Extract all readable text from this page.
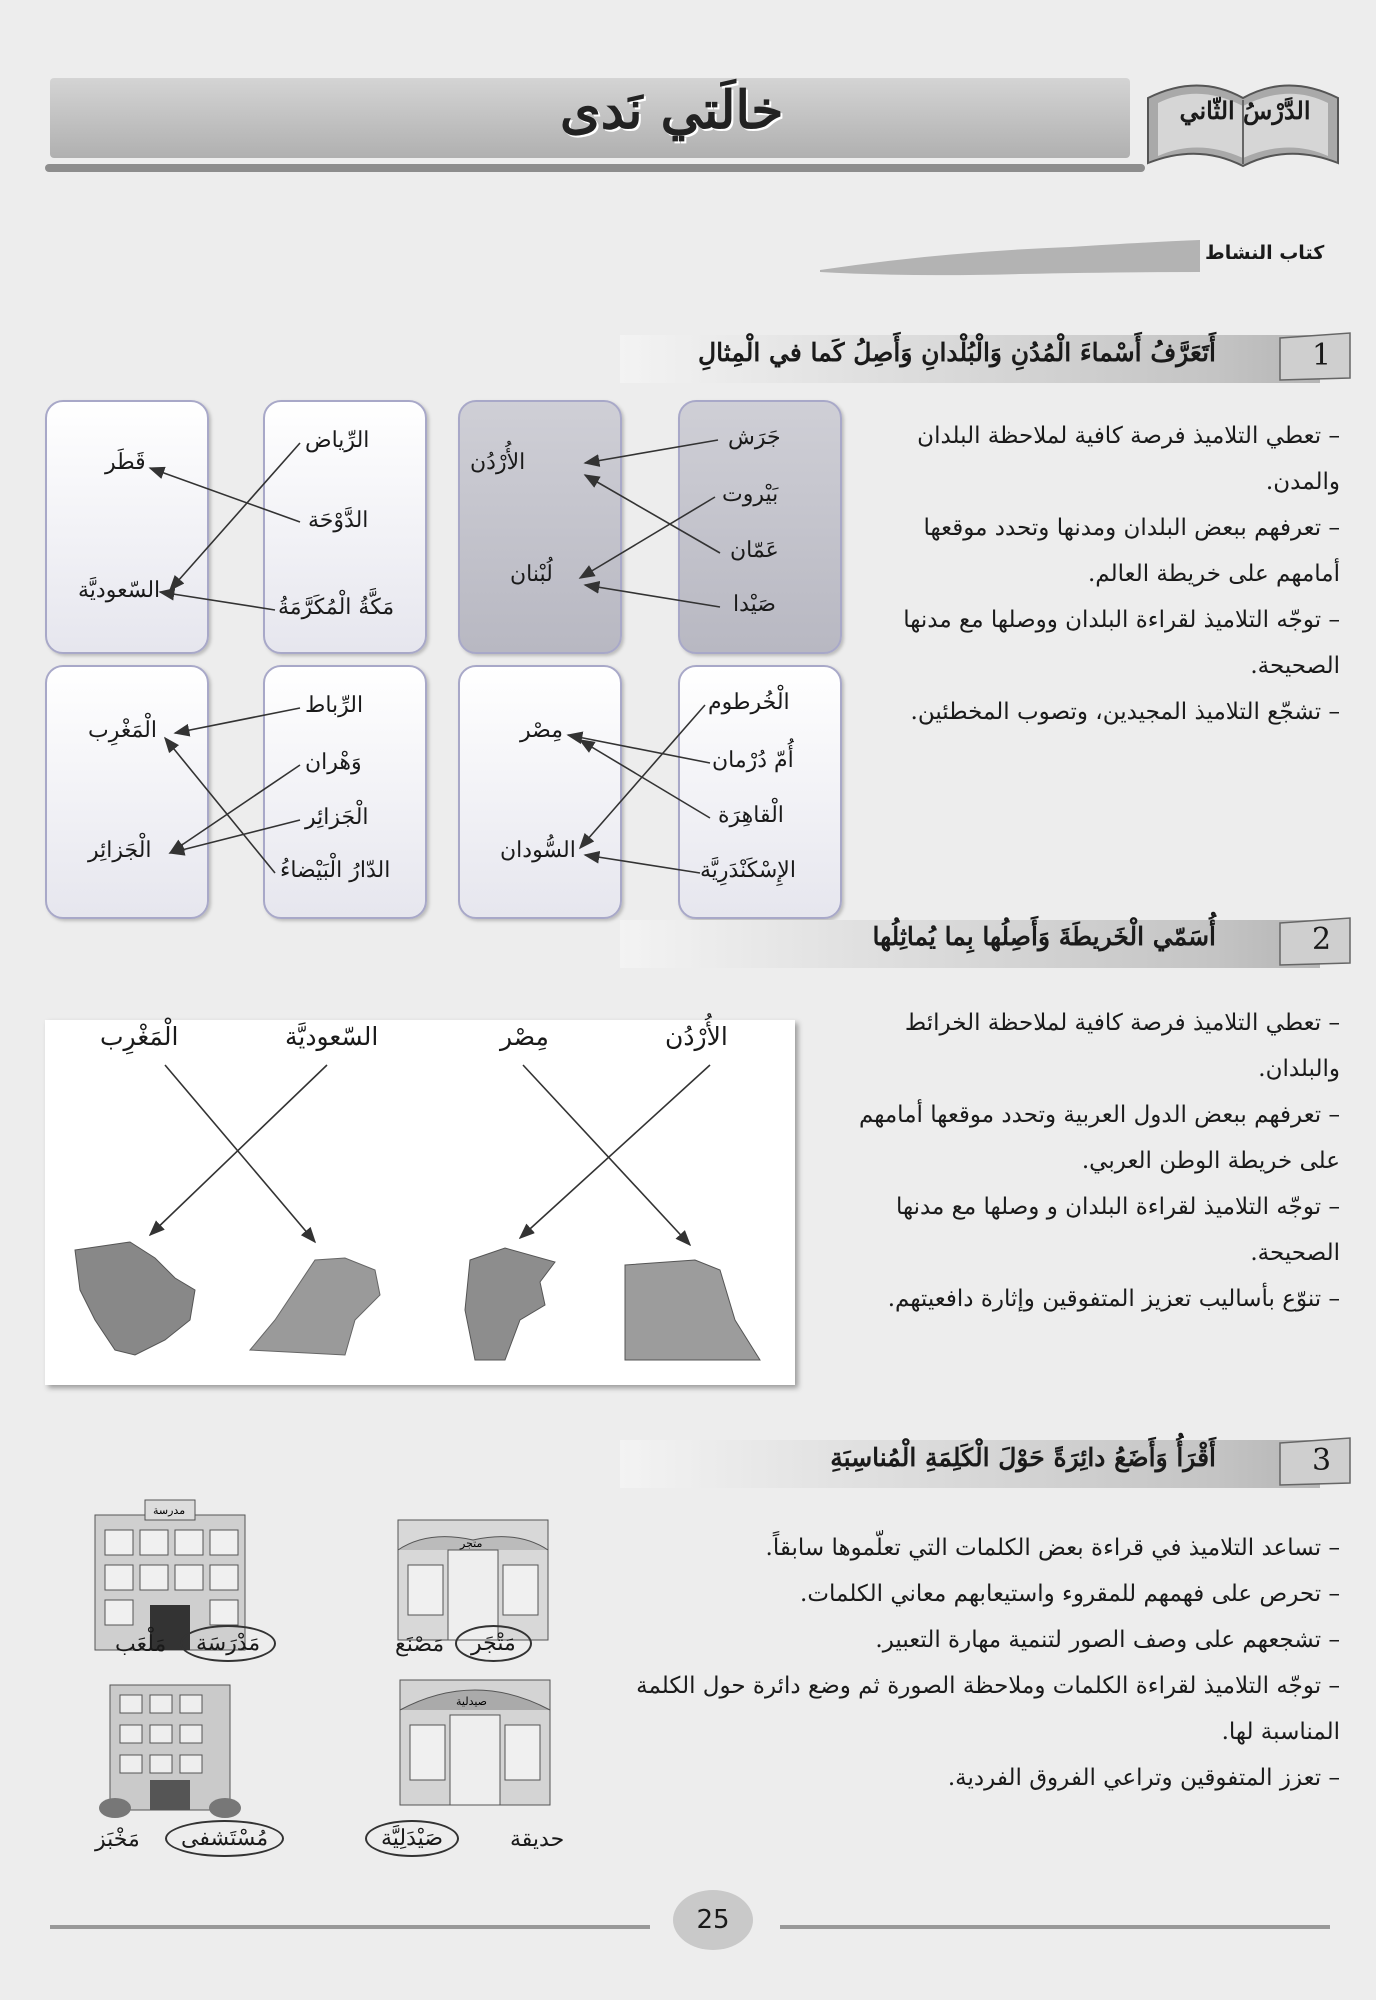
خالَتي نَدى	الدَّرْسُ الثّاني
كتاب النشاط
1
أَتَعَرَّفُ أَسْماءَ الْمُدُنِ وَالْبُلْدانِ وَأَصِلُ كَما في الْمِثالِ

– تعطي التلاميذ فرصة كافية لملاحظة البلدان والمدن.

– تعرفهم ببعض البلدان ومدنها وتحدد موقعها أمامهم على خريطة العالم.

– توجّه التلاميذ لقراءة البلدان ووصلها مع مدنها الصحيحة.

– تشجّع التلاميذ المجيدين، وتصوب المخطئين.

جَرَش
بَيْروت
عَمّان
صَيْدا
الأُرْدُن
لُبْنان
الرِّياض
الدَّوْحَة
مَكَّةُ الْمُكَرَّمَةُ
قَطَر
السّعوديَّة
الْخُرطوم
أُمّ دُرْمان
الْقاهِرَة
الإِسْكَنْدَرِيَّة
مِصْر
السُّودان
الرِّباط
وَهْران
الْجَزائِر
الدّارُ الْبَيْضاءُ
الْمَغْرِب
الْجَزائِر
2
أُسَمّي الْخَريطَةَ وَأَصِلُها بِما يُماثِلُها
الأُرْدُن
مِصْر
السّعوديَّة
الْمَغْرِب	– تعطي التلاميذ فرصة كافية لملاحظة الخرائط والبلدان.

– تعرفهم ببعض الدول العربية وتحدد موقعها أمامهم على خريطة الوطن العربي.

– توجّه التلاميذ لقراءة البلدان و وصلها مع مدنها الصحيحة.

– تنوّع بأساليب تعزيز المتفوقين وإثارة دافعيتهم.

3
أَقْرَأُ وَأَضَعُ دائِرَةً حَوْلَ الْكَلِمَةِ الْمُناسِبَةِ

– تساعد التلاميذ في قراءة بعض الكلمات التي تعلّموها سابقاً.

– تحرص على فهمهم للمقروء واستيعابهم معاني الكلمات.

– تشجعهم على وصف الصور لتنمية مهارة التعبير.

– توجّه التلاميذ لقراءة الكلمات وملاحظة الصورة ثم وضع دائرة حول الكلمة المناسبة لها.

– تعزز المتفوقين وتراعي الفروق الفردية.

متجر
مدرسة
صيدلية
مَتْجَر
مَصْنَع
مَدْرَسَة
مَلْعَب
صَيْدَلِيَّة	حديقة
مُسْتَشفى
مَخْبَز
25
